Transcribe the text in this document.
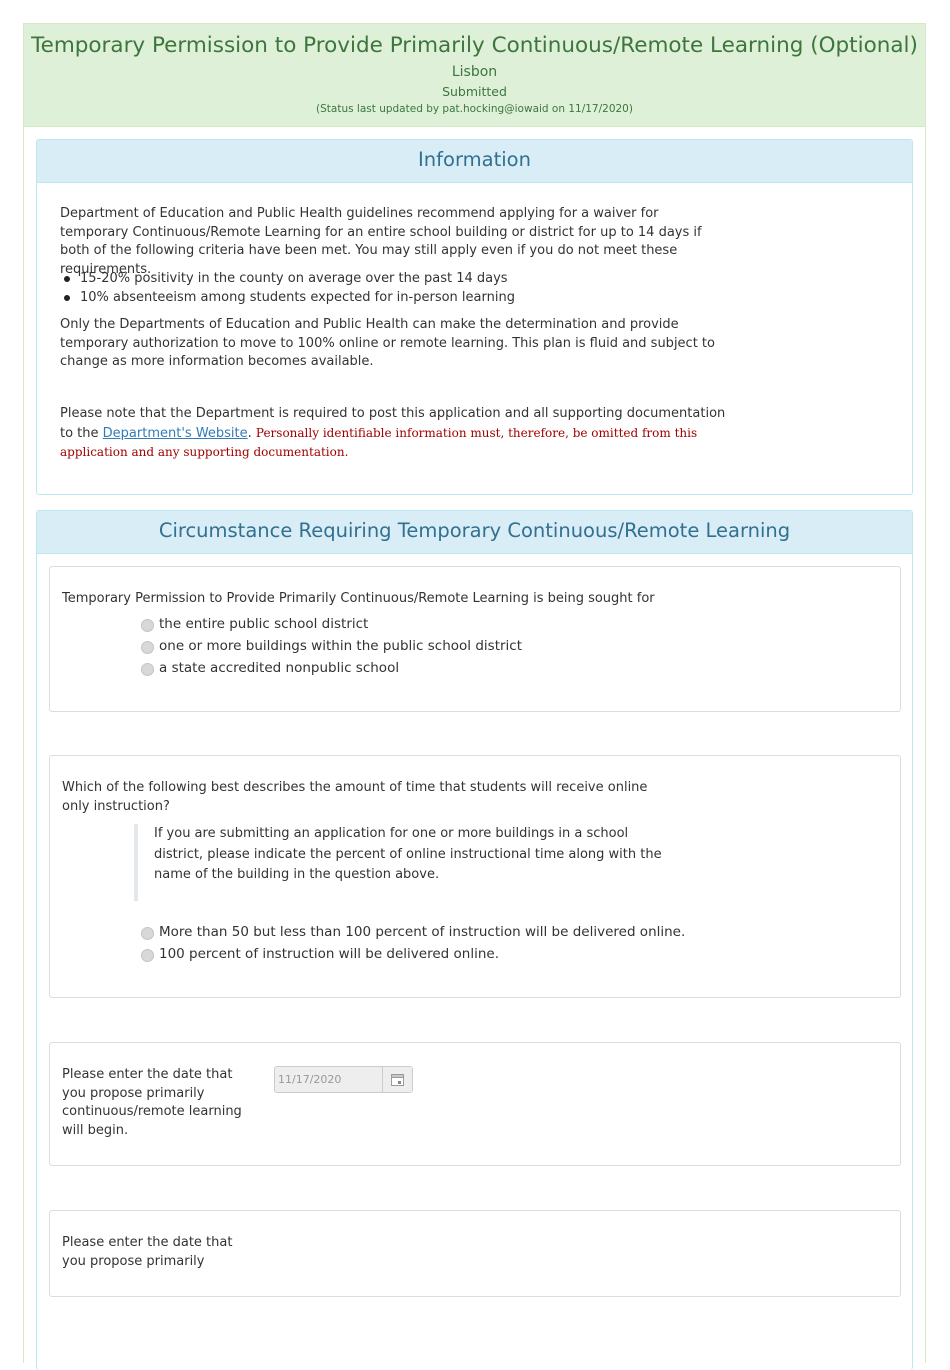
Temporary Permission to Provide Primarily Continuous/Remote Learning (Optional)
Lisbon
Submitted
(Status last updated by pat.hocking@iowaid on 11/17/2020)
Information

Department of Education and Public Health guidelines recommend applying for a waiver for temporary Continuous/Remote Learning for an entire school building or district for up to 14 days if both of the following criteria have been met. You may still apply even if you do not meet these requirements.

15-20% positivity in the county on average over the past 14 days
10% absenteeism among students expected for in-person learning

Only the Departments of Education and Public Health can make the determination and provide temporary authorization to move to 100% online or remote learning. This plan is fluid and subject to change as more information becomes available.

Please note that the Department is required to post this application and all supporting documentation to the Department's Website. Personally identifiable information must, therefore, be omitted from this application and any supporting documentation.

Circumstance Requiring Temporary Continuous/Remote Learning
Temporary Permission to Provide Primarily Continuous/Remote Learning is being sought for
the entire public school district
one or more buildings within the public school district
a state accredited nonpublic school
Which of the following best describes the amount of time that students will receive online only instruction?
If you are submitting an application for one or more buildings in a school district, please indicate the percent of online instructional time along with the name of the building in the question above.
More than 50 but less than 100 percent of instruction will be delivered online.
100 percent of instruction will be delivered online.
Please enter the date that you propose primarily continuous/remote learning will begin.
11/17/2020
Please enter the date that you propose primarily
